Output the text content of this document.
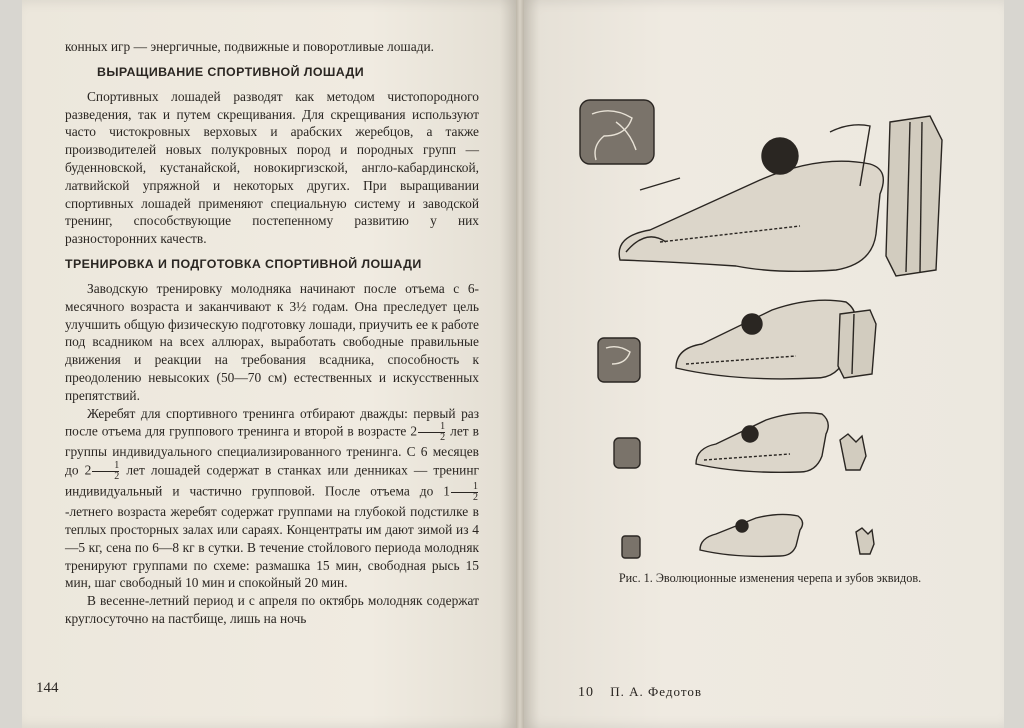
конных игр — энергичные, подвижные и поворотливые лошади.

ВЫРАЩИВАНИЕ СПОРТИВНОЙ ЛОШАДИ

Спортивных лошадей разводят как методом чистопородного разведения, так и путем скрещивания. Для скрещивания используют часто чистокровных верховых и арабских жеребцов, а также производителей новых полукровных пород и породных групп — буденновской, кустанайской, новокиргизской, англо-кабардинской, латвийской упряжной и некоторых других. При выращивании спортивных лошадей применяют специальную систему и заводской тренинг, способствующие постепенному развитию у них разносторонних качеств.

ТРЕНИРОВКА И ПОДГОТОВКА СПОРТИВНОЙ ЛОШАДИ

Заводскую тренировку молодняка начинают после отъема с 6-месячного возраста и заканчивают к 3½ годам. Она преследует цель улучшить общую физическую подготовку лошади, приучить ее к работе под всадником на всех аллюрах, выработать свободные правильные движения и реакции на требования всадника, способность к преодолению невысоких (50—70 см) естественных и искусственных препятствий.

Жеребят для спортивного тренинга отбирают дважды: первый раз после отъема для группового тренинга и второй в возрасте $2 \frac{1}{2}$ лет в группы индивидуального специализированного тренинга. С 6 месяцев до $2 \frac{1}{2}$ лет лошадей содержат в станках или денниках — тренинг индивидуальный и частично групповой. После отъема до $1 \frac{1}{2}$
-летнего возраста жеребят содержат группами на глубокой подстилке в теплых просторных залах или сараях. Концентраты им дают зимой из 4—5 кг, сена по 6—8 кг в сутки. В течение стойлового периода молодняк тренируют группами по схеме: размашка 15 мин, свободная рысь 15 мин, шаг свободный 10 мин и спокойный 20 мин.

В весенне-летний период и с апреля по октябрь молодняк содержат круглосуточно на пастбище, лишь на ночь

144
Рис. 1. Эволюционные изменения черепа и зубов эквидов.
10 П. А. Федотов
